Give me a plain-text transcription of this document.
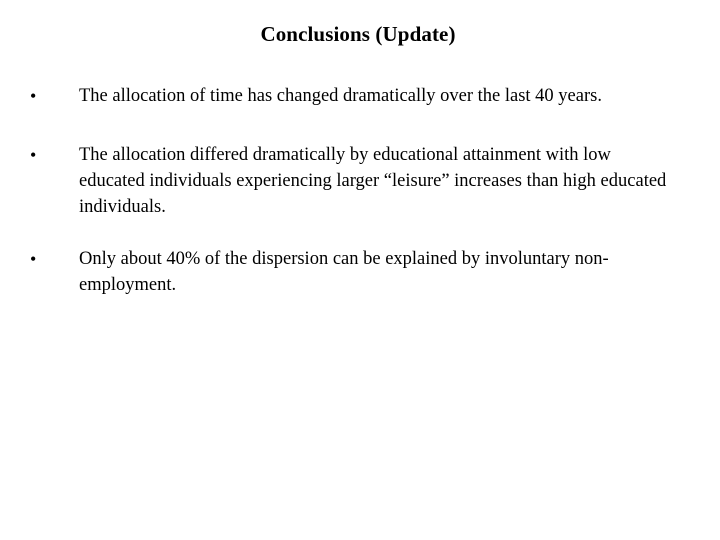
Conclusions (Update)
• The allocation of time has changed dramatically over the last 40 years.
• The allocation differed dramatically by educational attainment with low educated individuals experiencing larger “leisure” increases than high educated individuals.
• Only about 40% of the dispersion can be explained by involuntary non-employment.
